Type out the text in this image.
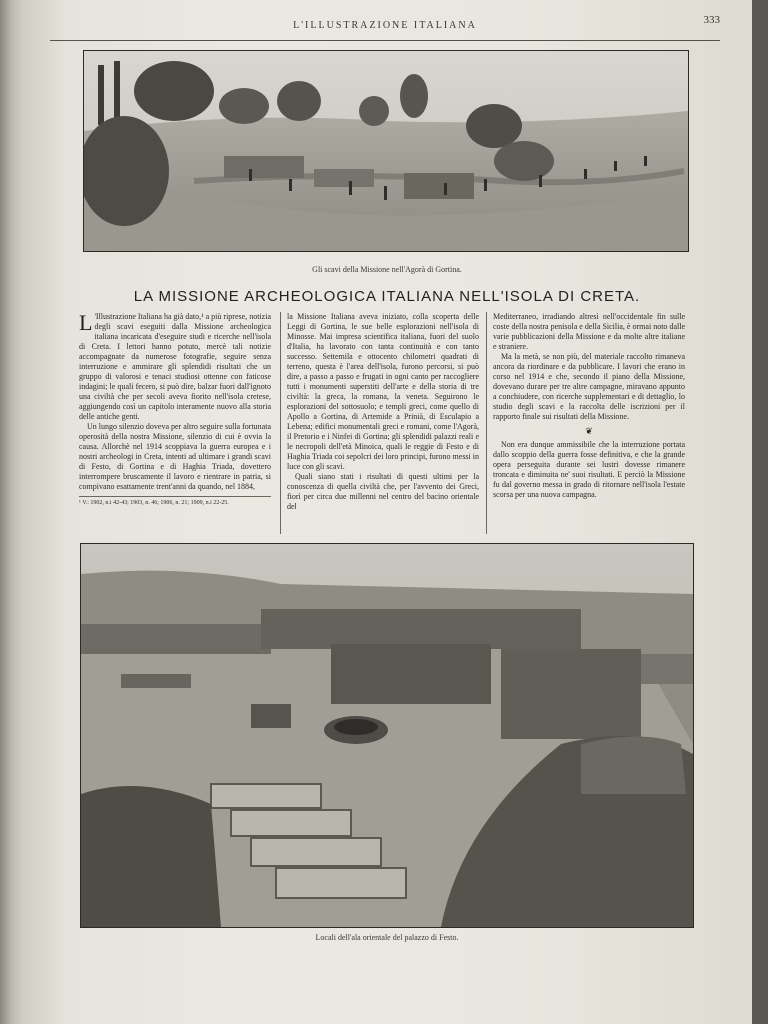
L'ILLUSTRAZIONE ITALIANA	333
Gli scavi della Missione nell'Agorà di Gortina.
LA MISSIONE ARCHEOLOGICA ITALIANA NELL'ISOLA DI CRETA.

L 'Illustrazione Italiana ha già dato,¹ a più riprese, notizia degli scavi eseguiti dalla Missione archeologica italiana incaricata d'eseguire studi e ricerche nell'isola di Creta. I lettori hanno potuto, mercè tali notizie accompagnate da numerose fotografie, seguire senza interruzione e ammirare gli splendidi risultati che un gruppo di valorosi e tenaci studiosi ottenne con faticose indagini; le quali fecero, si può dire, balzar fuori dall'ignoto una civiltà che per secoli aveva fiorito nell'isola cretese, aggiungendo così un capitolo interamente nuovo alla storia delle antiche genti.

Un lungo silenzio doveva per altro seguire sulla fortunata operosità della nostra Missione, silenzio di cui è ovvia la causa. Allorchè nel 1914 scoppiava la guerra europea e i nostri archeologi in Creta, intenti ad ultimare i grandi scavi di Festo, di Gortina e di Haghia Triada, dovettero interrompere bruscamente il lavoro e rientrare in patria, si compivano esattamente trent'anni da quando, nel 1884,

¹ V.: 1902, n.i 42-43; 1903, n. 46; 1906, n. 21; 1909, n.i 22-25.

la Missione Italiana aveva iniziato, colla scoperta delle Leggi di Gortina, le sue belle esplorazioni nell'isola di Minosse. Mai impresa scientifica italiana, fuori del suolo d'Italia, ha lavorato con tanta continuità e con tanto successo. Settemila e ottocento chilometri quadrati di terreno, questa è l'area dell'isola, furono percorsi, si può dire, a passo a passo e frugati in ogni canto per raccogliere tutti i monumenti superstiti dell'arte e della storia di tre civiltà: la greca, la romana, la veneta. Seguirono le esplorazioni del sottosuolo; e templi greci, come quello di Apollo a Gortina, di Artemide a Prinià, di Esculapio a Lebena; edifici monumentali greci e romani, come l'Agorà, il Pretorio e i Ninfei di Gortina; gli splendidi palazzi reali e le necropoli dell'età Minoica, quali le reggie di Festo e di Haghia Triada coi sepolcri dei loro principi, furono messi in luce con gli scavi.

Quali siano stati i risultati di questi ultimi per la conoscenza di quella civiltà che, per l'avvento dei Greci, fiorì per circa due millenni nel centro del bacino orientale del

Mediterraneo, irradiando altresì nell'occidentale fin sulle coste della nostra penisola e della Sicilia, è ormai noto dalle varie pubblicazioni della Missione e da molte altre italiane e straniere.

Ma la metà, se non più, del materiale raccolto rimaneva ancora da riordinare e da pubblicare. I lavori che erano in corso nel 1914 e che, secondo il piano della Missione, dovevano durare per tre altre campagne, miravano appunto a conchiudere, con ricerche supplementari e di dettaglio, lo studio degli scavi e la raccolta delle iscrizioni per il rapporto finale sui risultati della Missione.

❦

Non era dunque ammissibile che la interruzione portata dallo scoppio della guerra fosse definitiva, e che la grande opera perseguita durante sei lustri dovesse rimanere troncata e diminuita ne' suoi risultati. E perciò la Missione fu dal governo messa in grado di ritornare nell'isola l'estate scorsa per una nuova campagna.

Locali dell'ala orientale del palazzo di Festo.
